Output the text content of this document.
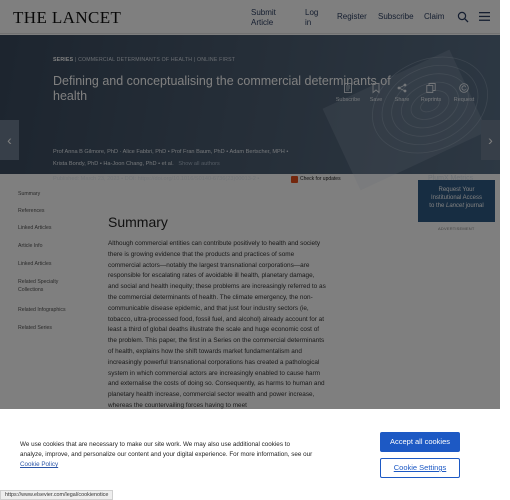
We use cookies that are necessary to make our site work. We may also use additional cookies to analyze, improve, and personalize our content and your digital experience. For more information, see our Cookie Policy
Accept all cookies
Cookie Settings
https://www.elsevier.com/legal/cookienotice
